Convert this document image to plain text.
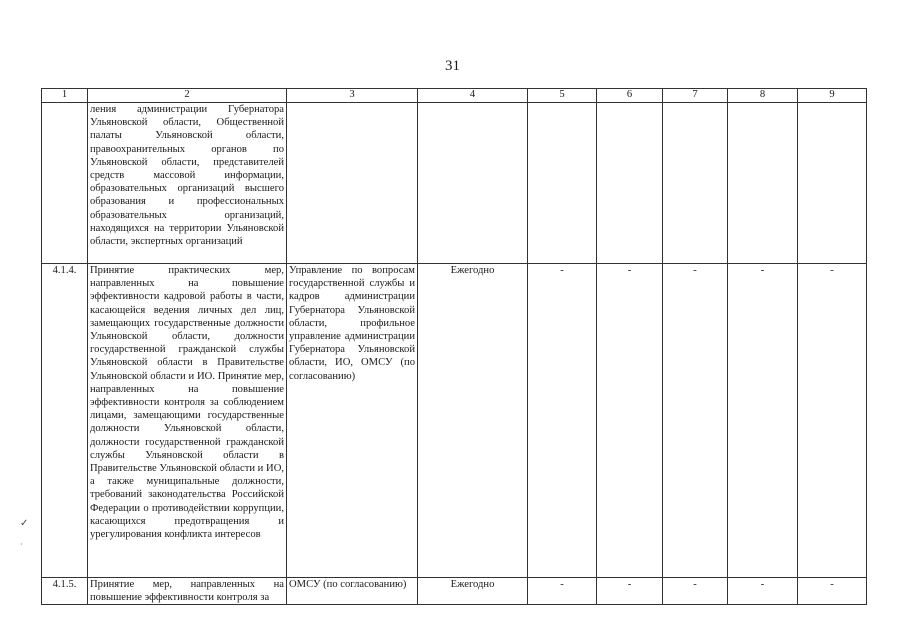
31
1	2	3	4	5	6	7	8	9
	ления администрации Губернатора Ульяновской области, Общественной палаты Ульяновской области, правоохранительных органов по Ульяновской области, представителей средств массовой информации, образовательных организаций высшего образования и профессиональных образовательных организаций, находящихся на территории Ульяновской области, экспертных организаций							
4.1.4.	Принятие практических мер, направленных на повышение эффективности кадровой работы в части, касающейся ведения личных дел лиц, замещающих государственные должности Ульяновской области, должности государственной гражданской службы Ульяновской области в Правительстве Ульяновской области и ИО. Принятие мер, направленных на повышение эффективности контроля за соблюдением лицами, замещающими государственные должности Ульяновской области, должности государственной гражданской службы Ульяновской области в Правительстве Ульяновской области и ИО, а также муниципальные должности, требований законодательства Российской Федерации о противодействии коррупции, касающихся предотвращения и урегулирования конфликта интересов	Управление по вопросам государственной службы и кадров администрации Губернатора Ульяновской области, профильное управление администрации Губернатора Ульяновской области, ИО, ОМСУ (по согласованию)	Ежегодно	-	-	-	-	-
4.1.5.	Принятие мер, направленных на повышение эффективности контроля за	ОМСУ (по согласованию)	Ежегодно	-	-	-	-	-
✓
·
